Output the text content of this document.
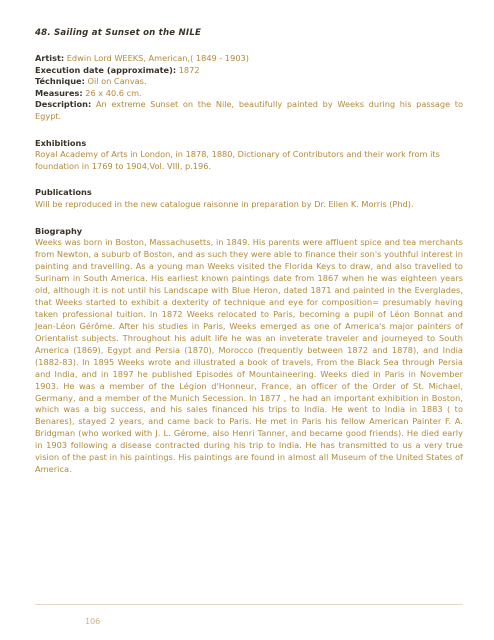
48. Sailing at Sunset on the NILE
Artist: Edwin Lord WEEKS, American,( 1849 - 1903)
Execution date (approximate): 1872
Téchnique: Oil on Canvas.
Measures: 26 x 40.6 cm.
Description: An extreme Sunset on the Nile, beautifully painted by Weeks during his passage to Egypt.
Exhibitions
Royal Academy of Arts in London, in 1878, 1880, Dictionary of Contributors and their work from its foundation in 1769 to 1904,Vol. VIII, p.196.
Publications
Will be reproduced in the new catalogue raisonne in preparation by Dr. Ellen K. Morris (Phd).
Biography
Weeks was born in Boston, Massachusetts, in 1849. His parents were affluent spice and tea merchants from Newton, a suburb of Boston, and as such they were able to finance their son's youthful interest in painting and travelling. As a young man Weeks visited the Florida Keys to draw, and also travelled to Surinam in South America. His earliest known paintings date from 1867 when he was eighteen years old, although it is not until his Landscape with Blue Heron, dated 1871 and painted in the Everglades, that Weeks started to exhibit a dexterity of technique and eye for composition= presumably having taken professional tuition. In 1872 Weeks relocated to Paris, becoming a pupil of Léon Bonnat and Jean-Léon Gérôme. After his studies in Paris, Weeks emerged as one of America's major painters of Orientalist subjects. Throughout his adult life he was an inveterate traveler and journeyed to South America (1869), Egypt and Persia (1870), Morocco (frequently between 1872 and 1878), and India (1882-83). In 1895 Weeks wrote and illustrated a book of travels, From the Black Sea through Persia and India, and in 1897 he published Episodes of Mountaineering. Weeks died in Paris in November 1903. He was a member of the Légion d'Honneur, France, an officer of the Order of St. Michael, Germany, and a member of the Munich Secession. In 1877 , he had an important exhibition in Boston, which was a big success, and his sales financed his trips to India. He went to India in 1883 ( to Benares), stayed 2 years, and came back to Paris. He met in Paris his fellow American Painter F. A. Bridgman (who worked with J. L. Gérome, also Henri Tanner, and became good friends). He died early in 1903 following a disease contracted during his trip to India. He has transmitted to us a very true vision of the past in his paintings. His paintings are found in almost all Museum of the United States of America.
106
